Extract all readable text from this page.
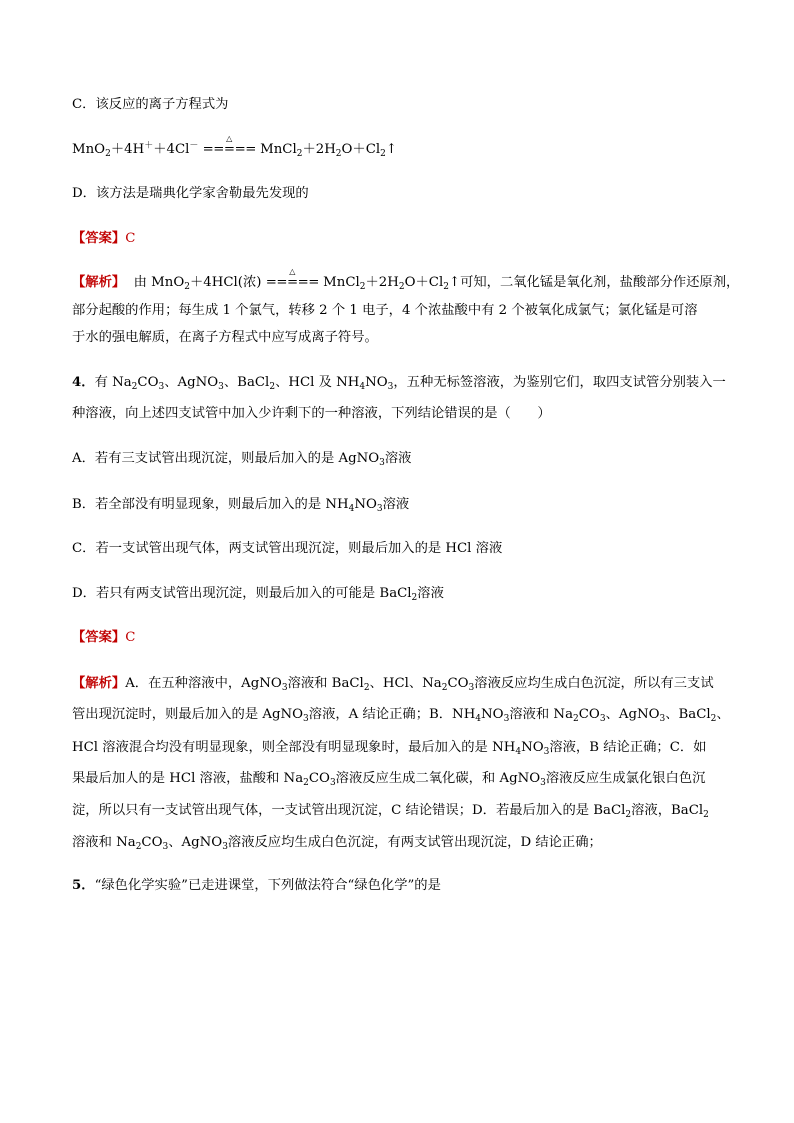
C．该反应的离子方程式为
MnO$_2$＋4H＋＋4Cl－
△
===== $MnCl_2+2H_2O+Cl_2↑$
D．该方法是瑞典化学家舍勒最先发现的
【答案】C
【解析】 由 MnO$_2$＋4HCl(浓)
△
===== $MnCl_2+2H_2O+Cl_2↑$可知，二氧化锰是氧化剂，盐酸部分作还原剂，
部分起酸的作用；每生成 1 个氯气，转移 2 个 1 电子，4 个浓盐酸中有 2 个被氧化成氯气；氯化锰是可溶
于水的强电解质，在离子方程式中应写成离子符号。
4．有 $Na_2CO_3$、AgNO$_3$、BaCl$_2$、HCl 及 $NH_4NO_3$，五种无标签溶液，为鉴别它们，取四支试管分别装入一
种溶液，向上述四支试管中加入少许剩下的一种溶液，下列结论错误的是（　　）
A．若有三支试管出现沉淀，则最后加入的是 AgNO$_3$溶液
B．若全部没有明显现象，则最后加入的是 $NH_4NO_3$溶液
C．若一支试管出现气体，两支试管出现沉淀，则最后加入的是 HCl 溶液
D．若只有两支试管出现沉淀，则最后加入的可能是 BaCl$_2$溶液
【答案】C
【解析】A．在五种溶液中，AgNO$_3$溶液和 BaCl$_2$、HCl、$Na_2CO_3$溶液反应均生成白色沉淀，所以有三支试
管出现沉淀时，则最后加入的是 AgNO$_3$溶液，A 结论正确；B．$NH_4NO_3$溶液和 $Na_2CO_3$、AgNO$_3$、BaCl$_2$、
HCl 溶液混合均没有明显现象，则全部没有明显现象时，最后加入的是 $NH_4NO_3$溶液，B 结论正确；C．如
果最后加人的是 HCl 溶液，盐酸和 $Na_2CO_3$溶液反应生成二氧化碳，和 AgNO$_3$溶液反应生成氯化银白色沉
淀，所以只有一支试管出现气体，一支试管出现沉淀，C 结论错误；D．若最后加入的是 BaCl$_2$溶液，BaCl$_2$
溶液和 $Na_2CO_3$、AgNO$_3$溶液反应均生成白色沉淀，有两支试管出现沉淀，D 结论正确；
5．“绿色化学实验”已走进课堂，下列做法符合“绿色化学”的是
